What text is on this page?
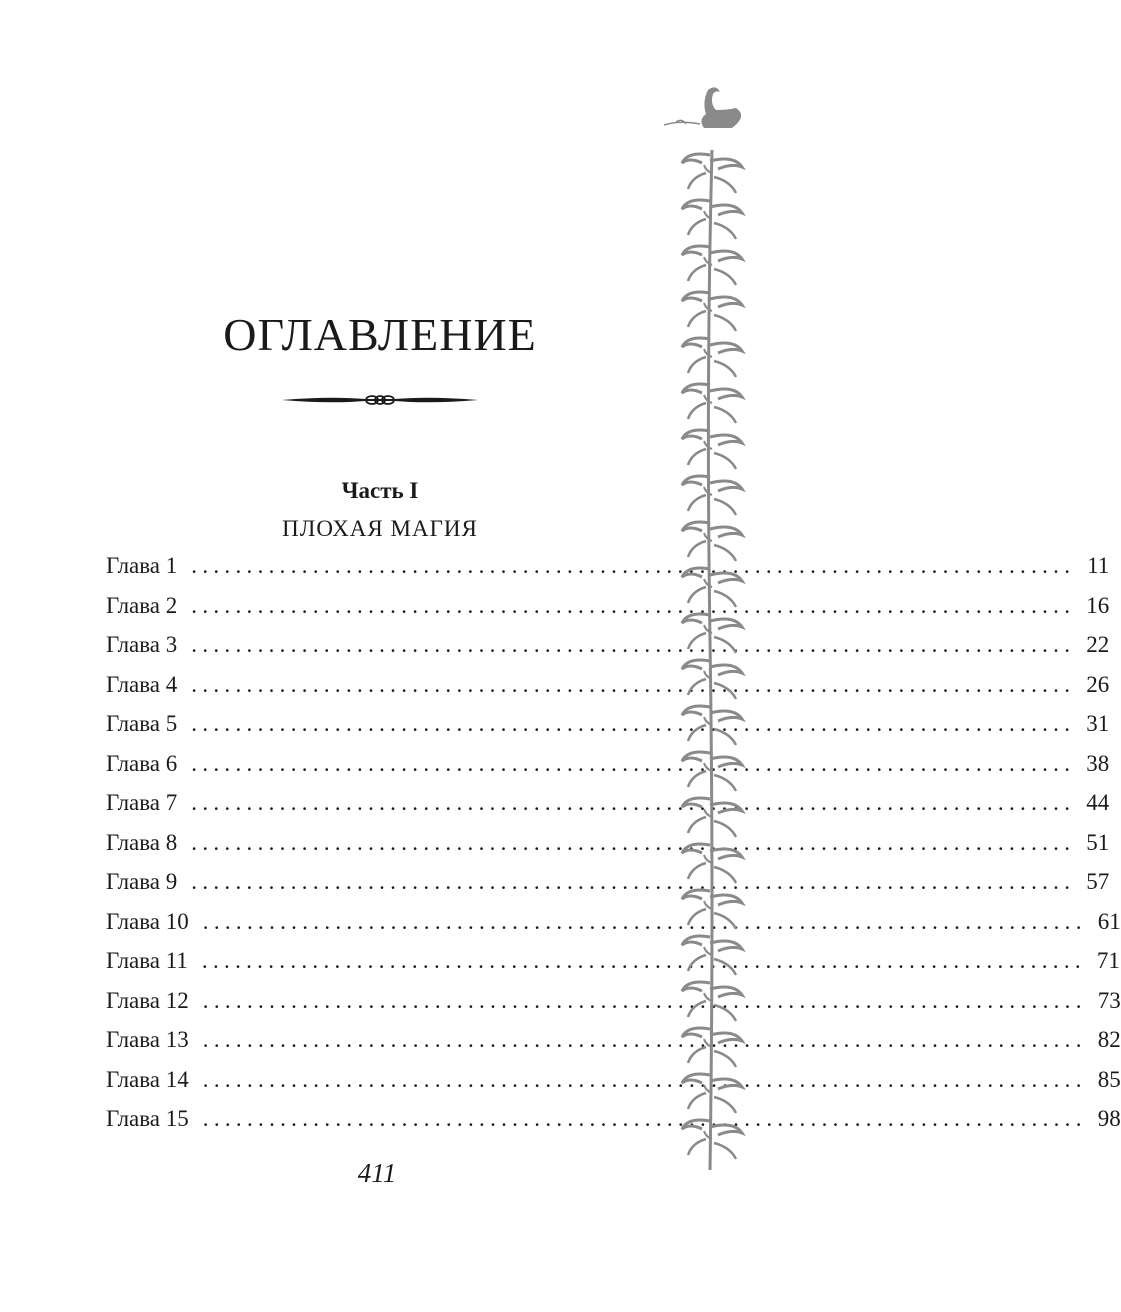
ОГЛАВЛЕНИЕ
Часть I
ПЛОХАЯ МАГИЯ
Глава 1 ................................................................................ 11
Глава 2 ................................................................................ 16
Глава 3 ................................................................................ 22
Глава 4 ................................................................................ 26
Глава 5 ................................................................................ 31
Глава 6 ................................................................................ 38
Глава 7 ................................................................................ 44
Глава 8 ................................................................................ 51
Глава 9 ................................................................................ 57
Глава 10 ................................................................................ 61
Глава 11 ................................................................................ 71
Глава 12 ................................................................................ 73
Глава 13 ................................................................................ 82
Глава 14 ................................................................................ 85
Глава 15 ................................................................................ 98
411
